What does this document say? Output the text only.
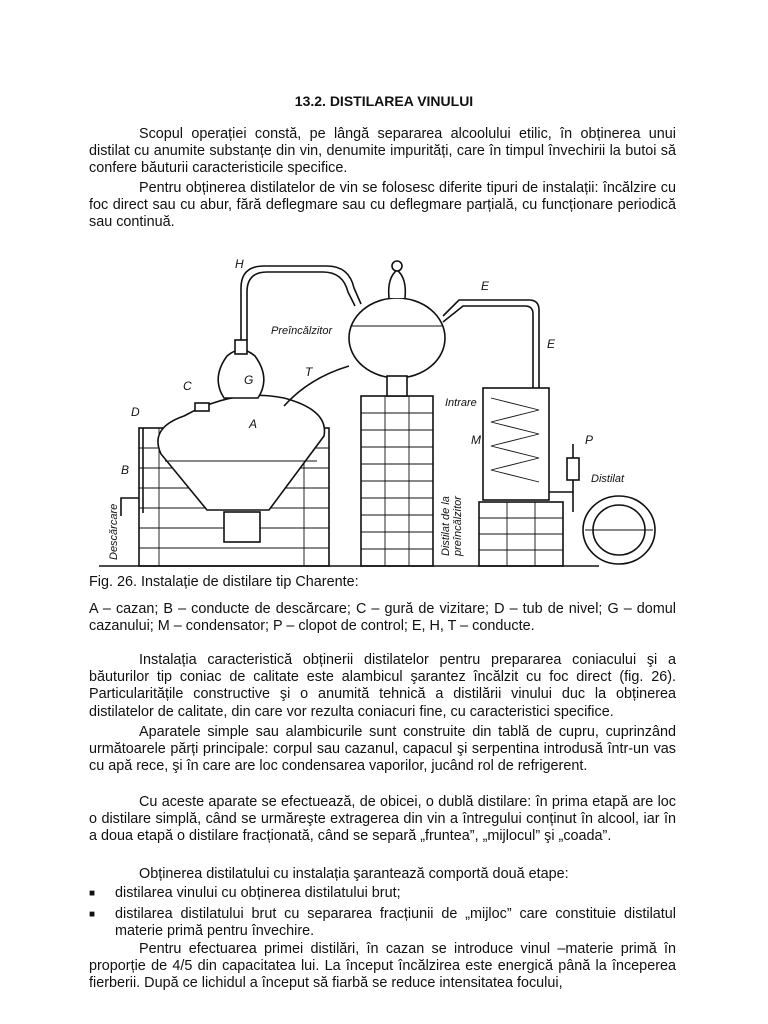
13.2. DISTILAREA VINULUI

Scopul operației constă, pe lângă separarea alcoolului etilic, în obținerea unui distilat cu anumite substanțe din vin, denumite impurități, care în timpul învechirii la butoi să confere băuturii caracteristicile specifice.

Pentru obținerea distilatelor de vin se folosesc diferite tipuri de instalații: încălzire cu foc direct sau cu abur, fără deflegmare sau cu deflegmare parțială, cu funcționare periodică sau continuă.

H
E
E
Preîncălzitor
C	G
T
D
A
B
Intrare
M	P
Distilat
Descărcare	Distilat de la preîncălzitor

Fig. 26. Instalație de distilare tip Charente:

A – cazan; B – conducte de descărcare; C – gură de vizitare; D – tub de nivel; G – domul cazanului; M – condensator; P – clopot de control; E, H, T – conducte.

Instalația caracteristică obținerii distilatelor pentru prepararea coniacului şi a băuturilor tip coniac de calitate este alambicul şarantez încălzit cu foc direct (fig. 26). Particularitățile constructive şi o anumită tehnică a distilării vinului duc la obținerea distilatelor de calitate, din care vor rezulta coniacuri fine, cu caracteristici specifice.

Aparatele simple sau alambicurile sunt construite din tablă de cupru, cuprinzând următoarele părți principale: corpul sau cazanul, capacul şi serpentina introdusă într-un vas cu apă rece, şi în care are loc condensarea vaporilor, jucând rol de refrigerent.

Cu aceste aparate se efectuează, de obicei, o dublă distilare: în prima etapă are loc o distilare simplă, când se urmăreşte extragerea din vin a întregului conținut în alcool, iar în a doua etapă o distilare fracționată, când se separă „fruntea”, „mijlocul” şi „coada”.

Obținerea distilatului cu instalația şarantează comportă două etape:

■ distilarea vinului cu obținerea distilatului brut;
■ distilarea distilatului brut cu separarea fracțiunii de „mijloc” care constituie distilatul materie primă pentru învechire.

Pentru efectuarea primei distilări, în cazan se introduce vinul –materie primă în proporție de 4/5 din capacitatea lui. La început încălzirea este energică până la începerea fierberii. După ce lichidul a început să fiarbă se reduce intensitatea focului,
